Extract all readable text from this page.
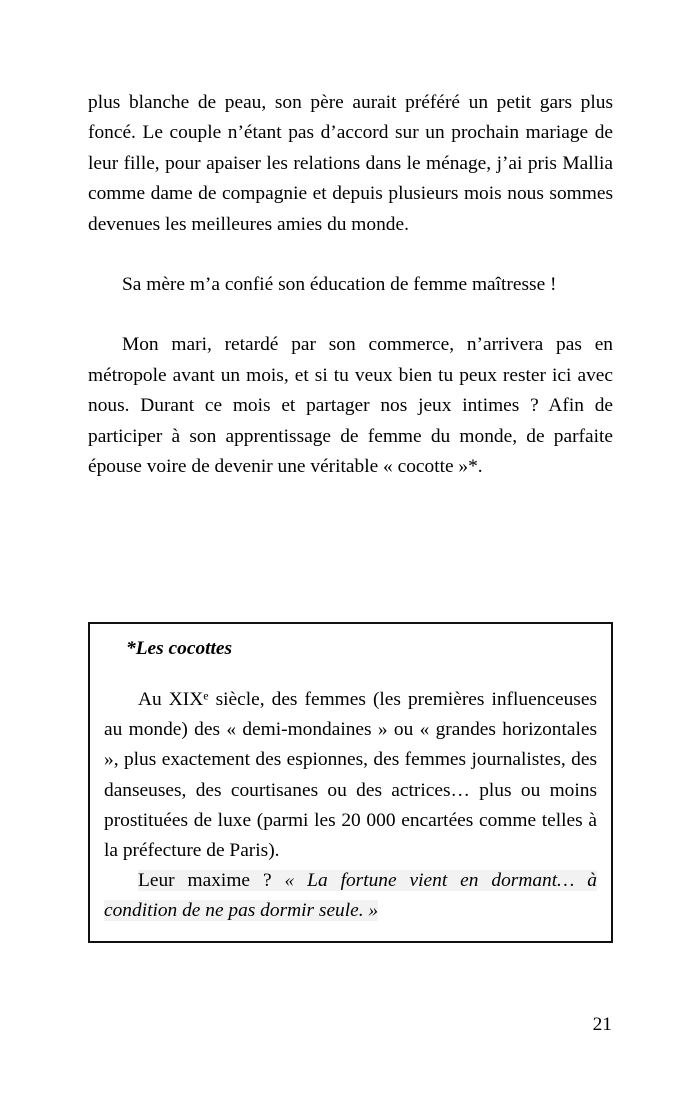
plus blanche de peau, son père aurait préféré un petit gars plus foncé. Le couple n’étant pas d’accord sur un prochain mariage de leur fille, pour apaiser les relations dans le ménage, j’ai pris Mallia comme dame de compagnie et depuis plusieurs mois nous sommes devenues les meilleures amies du monde.

Sa mère m’a confié son éducation de femme maîtresse !

Mon mari, retardé par son commerce, n’arrivera pas en métropole avant un mois, et si tu veux bien tu peux rester ici avec nous. Durant ce mois et partager nos jeux intimes ? Afin de participer à son apprentissage de femme du monde, de parfaite épouse voire de devenir une véritable « cocotte »*.

*Les cocottes

Au XIXe siècle, des femmes (les premières influenceuses au monde) des « demi-mondaines » ou « grandes horizontales », plus exactement des espionnes, des femmes journalistes, des danseuses, des courtisanes ou des actrices… plus ou moins prostituées de luxe (parmi les 20 000 encartées comme telles à la préfecture de Paris).

Leur maxime ? « La fortune vient en dormant… à condition de ne pas dormir seule. »
21
